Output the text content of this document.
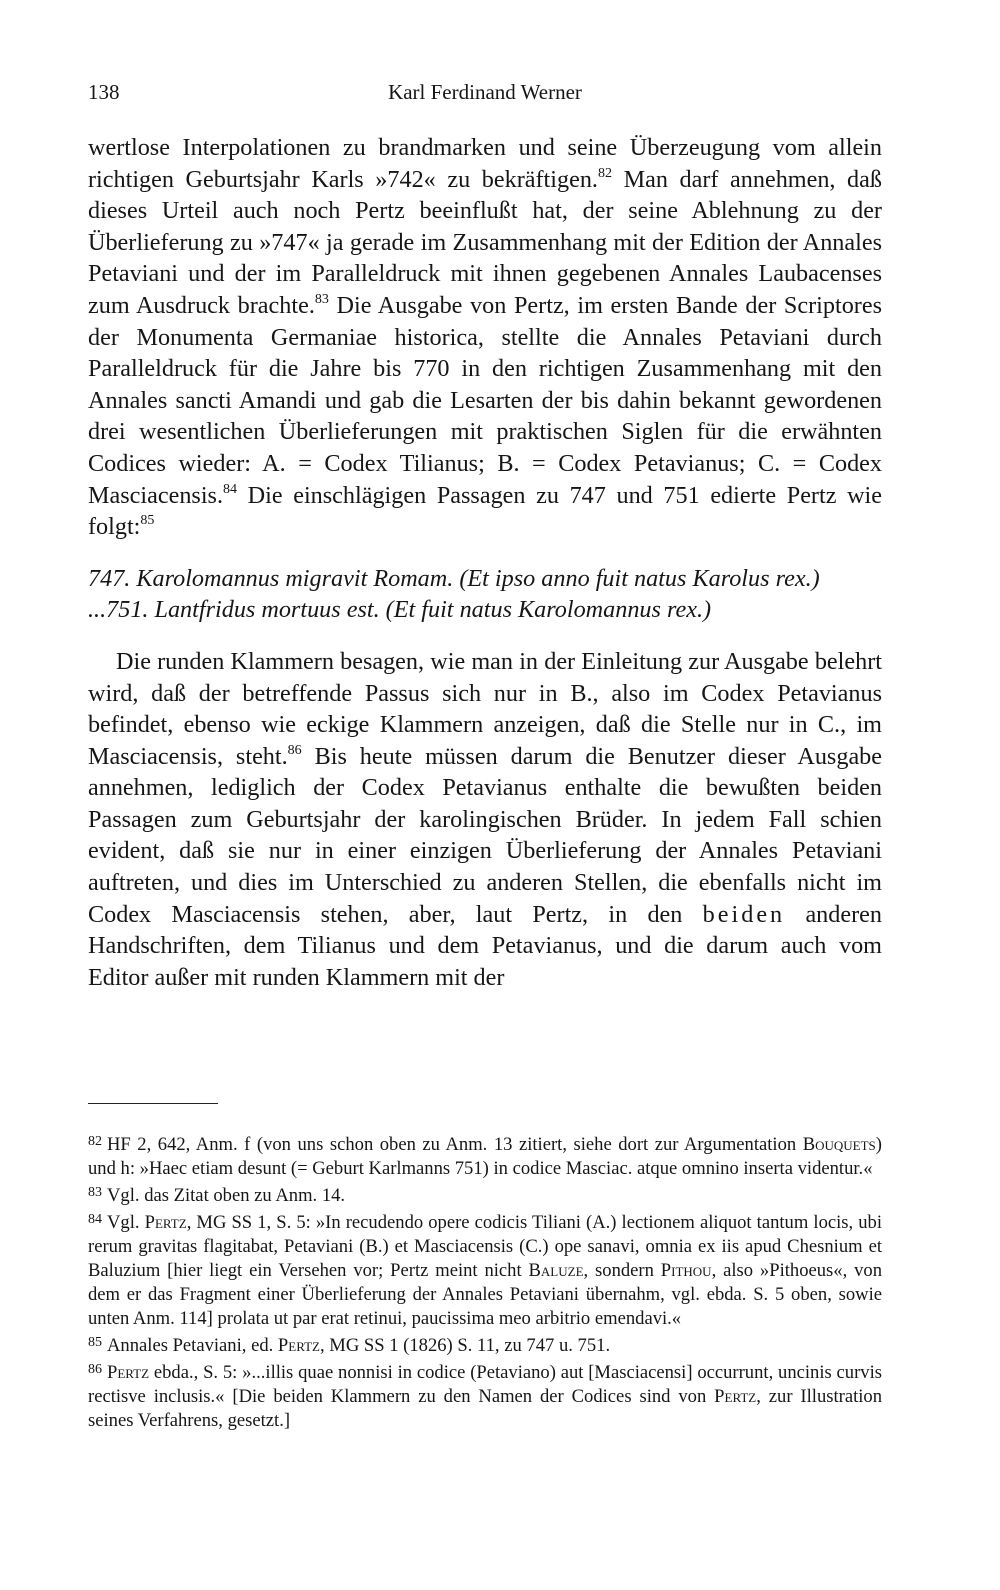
138	Karl Ferdinand Werner

wertlose Interpolationen zu brandmarken und seine Überzeugung vom allein richtigen Geburtsjahr Karls »742« zu bekräftigen.$^{82}$ Man darf annehmen, daß dieses Urteil auch noch Pertz beeinflußt hat, der seine Ablehnung zu der Überlieferung zu »747« ja gerade im Zusammenhang mit der Edition der Annales Petaviani und der im Paralleldruck mit ihnen gegebenen Annales Laubacenses zum Ausdruck brachte.$^{83}$ Die Ausgabe von Pertz, im ersten Bande der Scriptores der Monumenta Germaniae historica, stellte die Annales Petaviani durch Paralleldruck für die Jahre bis 770 in den richtigen Zusammenhang mit den Annales sancti Amandi und gab die Lesarten der bis dahin bekannt gewordenen drei wesentlichen Überlieferungen mit praktischen Siglen für die erwähnten Codices wieder: A. = Codex Tilianus; B. = Codex Petavianus; C. = Codex Masciacensis.$^{84}$ Die einschlägigen Passagen zu 747 und 751 edierte Pertz wie folgt:$^{85}$

747. Karolomannus migravit Romam. (Et ipso anno fuit natus Karolus rex.)
...751. Lantfridus mortuus est. (Et fuit natus Karolomannus rex.)

Die runden Klammern besagen, wie man in der Einleitung zur Ausgabe belehrt wird, daß der betreffende Passus sich nur in B., also im Codex Petavianus befindet, ebenso wie eckige Klammern anzeigen, daß die Stelle nur in C., im Masciacensis, steht.$^{86}$ Bis heute müssen darum die Benutzer dieser Ausgabe annehmen, lediglich der Codex Petavianus enthalte die bewußten beiden Passagen zum Geburtsjahr der karolingischen Brüder. In jedem Fall schien evident, daß sie nur in einer einzigen Überlieferung der Annales Petaviani auftreten, und dies im Unterschied zu anderen Stellen, die ebenfalls nicht im Codex Masciacensis stehen, aber, laut Pertz, in den beiden anderen Handschriften, dem Tilianus und dem Petavianus, und die darum auch vom Editor außer mit runden Klammern mit der

$^{82}$ HF 2, 642, Anm. f (von uns schon oben zu Anm. 13 zitiert, siehe dort zur Argumentation Bouquets) und h: »Haec etiam desunt (= Geburt Karlmanns 751) in codice Masciac. atque omnino inserta videntur.«

$^{83}$ Vgl. das Zitat oben zu Anm. 14.

$^{84}$ Vgl. Pertz, MG SS 1, S. 5: »In recudendo opere codicis Tiliani (A.) lectionem aliquot tantum locis, ubi rerum gravitas flagitabat, Petaviani (B.) et Masciacensis (C.) ope sanavi, omnia ex iis apud Chesnium et Baluzium [hier liegt ein Versehen vor; Pertz meint nicht Baluze, sondern Pithou, also »Pithoeus«, von dem er das Fragment einer Überlieferung der Annales Petaviani übernahm, vgl. ebda. S. 5 oben, sowie unten Anm. 114] prolata ut par erat retinui, paucissima meo arbitrio emendavi.«

$^{85}$ Annales Petaviani, ed. Pertz, MG SS 1 (1826) S. 11, zu 747 u. 751.

$^{86}$ Pertz ebda., S. 5: »...illis quae nonnisi in codice (Petaviano) aut [Masciacensi] occurrunt, uncinis curvis rectisve inclusis.« [Die beiden Klammern zu den Namen der Codices sind von Pertz, zur Illustration seines Verfahrens, gesetzt.]
